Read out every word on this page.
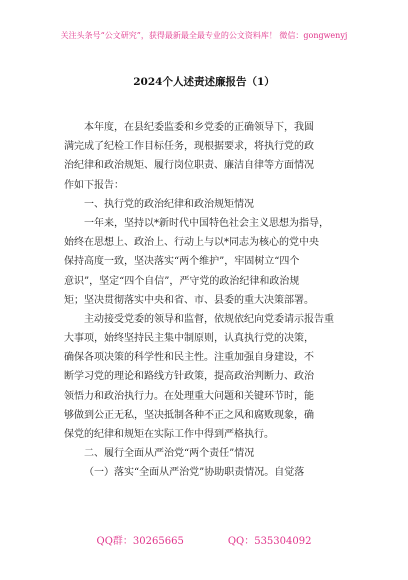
关注头条号“公文研究”，获得最新最全最专业的公文资料库！ 微信：gongwenyj
2024个人述责述廉报告（1）
本年度，在县纪委监委和乡党委的正确领导下，我圆
满完成了纪检工作目标任务，现根据要求，将执行党的政
治纪律和政治规矩、履行岗位职责、廉洁自律等方面情况
作如下报告：
一、执行党的政治纪律和政治规矩情况
一年来，坚持以*新时代中国特色社会主义思想为指导，
始终在思想上、政治上、行动上与以*同志为核心的党中央
保持高度一致，坚决落实“两个维护”，牢固树立“四个
意识”，坚定“四个自信”，严守党的政治纪律和政治规
矩；坚决贯彻落实中央和省、市、县委的重大决策部署。
主动接受党委的领导和监督，依规依纪向党委请示报告重
大事项，始终坚持民主集中制原则，认真执行党的决策，
确保各项决策的科学性和民主性。注重加强自身建设，不
断学习党的理论和路线方针政策，提高政治判断力、政治
领悟力和政治执行力。在处理重大问题和关键环节时，能
够做到公正无私，坚决抵制各种不正之风和腐败现象，确
保党的纪律和规矩在实际工作中得到严格执行。
二、履行全面从严治党“两个责任”情况
（一）落实“全面从严治党”协助职责情况。自觉落
QQ群：30265665	QQ：535304092
